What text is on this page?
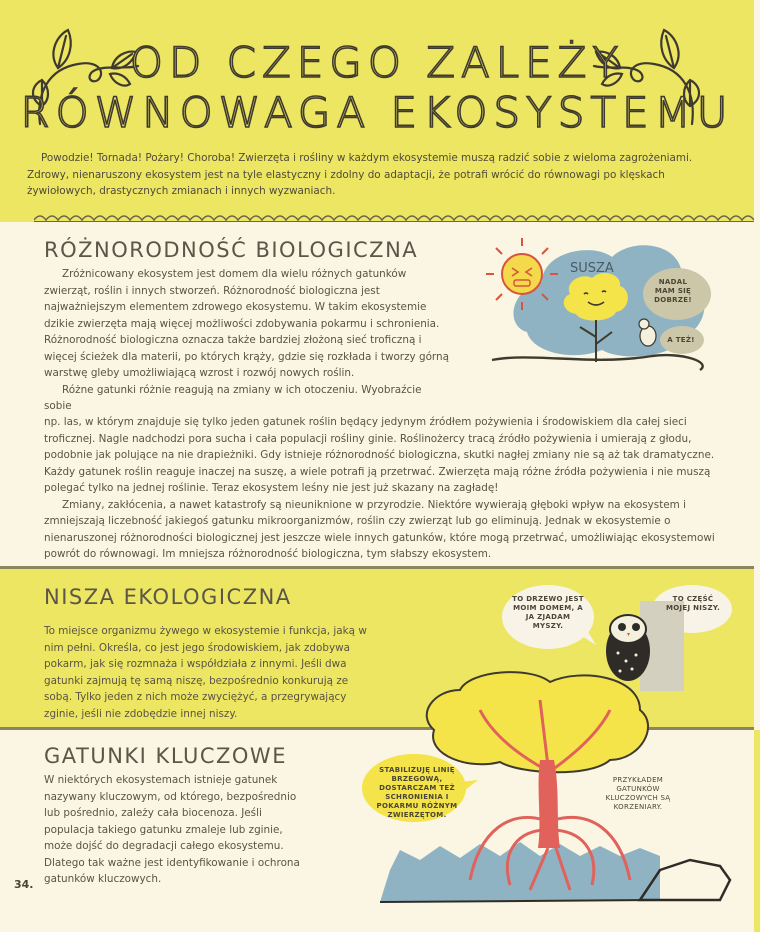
OD CZEGO ZALEŻY
RÓWNOWAGA EKOSYSTEMU
Powodzie! Tornada! Pożary! Choroba! Zwierzęta i rośliny w każdym ekosystemie muszą radzić sobie z wieloma zagrożeniami. Zdrowy, nienaruszony ekosystem jest na tyle elastyczny i zdolny do adaptacji, że potrafi wrócić do równowagi po klęskach żywiołowych, drastycznych zmianach i innych wyzwaniach.
RÓŻNORODNOŚĆ BIOLOGICZNA

Zróżnicowany ekosystem jest domem dla wielu różnych gatunków zwierząt, roślin i innych stworzeń. Różnorodność biologiczna jest najważniejszym elementem zdrowego ekosystemu. W takim ekosystemie dzikie zwierzęta mają więcej możliwości zdobywania pokarmu i schronienia. Różnorodność biologiczna oznacza także bardziej złożoną sieć troficzną i więcej ścieżek dla materii, po których krąży, gdzie się rozkłada i tworzy górną warstwę gleby umożliwiającą wzrost i rozwój nowych roślin.

Różne gatunki różnie reagują na zmiany w ich otoczeniu. Wyobraźcie sobie

np. las, w którym znajduje się tylko jeden gatunek roślin będący jedynym źródłem pożywienia i środowiskiem dla całej sieci troficznej. Nagle nadchodzi pora sucha i cała populacji rośliny ginie. Roślinożercy tracą źródło pożywienia i umierają z głodu, podobnie jak polujące na nie drapieżniki. Gdy istnieje różnorodność biologiczna, skutki nagłej zmiany nie są aż tak dramatyczne. Każdy gatunek roślin reaguje inaczej na suszę, a wiele potrafi ją przetrwać. Zwierzęta mają różne źródła pożywienia i nie muszą polegać tylko na jednej roślinie. Teraz ekosystem leśny nie jest już skazany na zagładę!

Zmiany, zakłócenia, a nawet katastrofy są nieuniknione w przyrodzie. Niektóre wywierają głęboki wpływ na ekosystem i zmniejszają liczebność jakiegoś gatunku mikroorganizmów, roślin czy zwierząt lub go eliminują. Jednak w ekosystemie o nienaruszonej różnorodności biologicznej jest jeszcze wiele innych gatunków, które mogą przetrwać, umożliwiając ekosystemowi powrót do równowagi. Im mniejsza różnorodność biologiczna, tym słabszy ekosystem.

SUSZA
NADAL MAM SIĘ DOBRZE!
A TEŻ!
NISZA EKOLOGICZNA
To miejsce organizmu żywego w ekosystemie i funkcja, jaką w nim pełni. Określa, co jest jego środowiskiem, jak zdobywa pokarm, jak się rozmnaża i współdziała z innymi. Jeśli dwa gatunki zajmują tę samą niszę, bezpośrednio konkurują ze sobą. Tylko jeden z nich może zwyciężyć, a przegrywający zginie, jeśli nie zdobędzie innej niszy.
TO DRZEWO JEST MOIM DOMEM, A JA ZJADAM MYSZY.
TO CZĘŚĆ MOJEJ NISZY.
GATUNKI KLUCZOWE
W niektórych ekosystemach istnieje gatunek nazywany kluczowym, od którego, bezpośrednio lub pośrednio, zależy cała biocenoza. Jeśli populacja takiego gatunku zmaleje lub zginie, może dojść do degradacji całego ekosystemu. Dlatego tak ważne jest identyfikowanie i ochrona gatunków kluczowych.
STABILIZUJĘ LINIĘ BRZEGOWĄ, DOSTARCZAM TEŻ SCHRONIENIA I POKARMU RÓŻNYM ZWIERZĘTOM.
PRZYKŁADEM GATUNKÓW KLUCZOWYCH SĄ KORZENIARY.
34.
